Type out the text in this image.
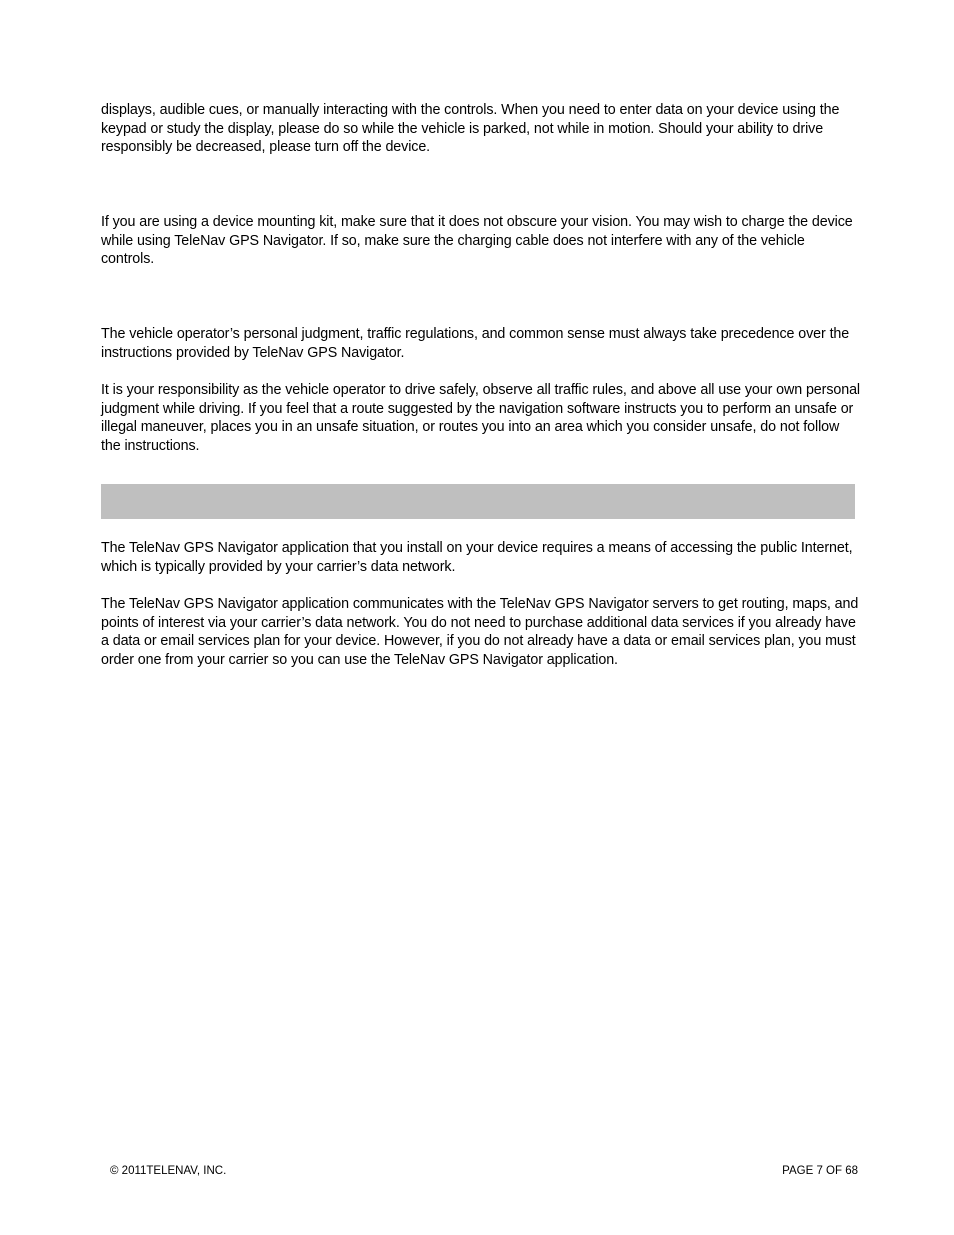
displays, audible cues, or manually interacting with the controls. When you need to enter data on your device using the keypad or study the display, please do so while the vehicle is parked, not while in motion. Should your ability to drive responsibly be decreased, please turn off the device.

If you are using a device mounting kit, make sure that it does not obscure your vision. You may wish to charge the device while using TeleNav GPS Navigator. If so, make sure the charging cable does not interfere with any of the vehicle controls.

The vehicle operator’s personal judgment, traffic regulations, and common sense must always take precedence over the instructions provided by TeleNav GPS Navigator.

It is your responsibility as the vehicle operator to drive safely, observe all traffic rules, and above all use your own personal judgment while driving. If you feel that a route suggested by the navigation software instructs you to perform an unsafe or illegal maneuver, places you in an unsafe situation, or routes you into an area which you consider unsafe, do not follow the instructions.

The TeleNav GPS Navigator application that you install on your device requires a means of accessing the public Internet, which is typically provided by your carrier’s data network.

The TeleNav GPS Navigator application communicates with the TeleNav GPS Navigator servers to get routing, maps, and points of interest via your carrier’s data network. You do not need to purchase additional data services if you already have a data or email services plan for your device. However, if you do not already have a data or email services plan, you must order one from your carrier so you can use the TeleNav GPS Navigator application.

© 2011TELENAV, INC.	PAGE 7 OF 68
